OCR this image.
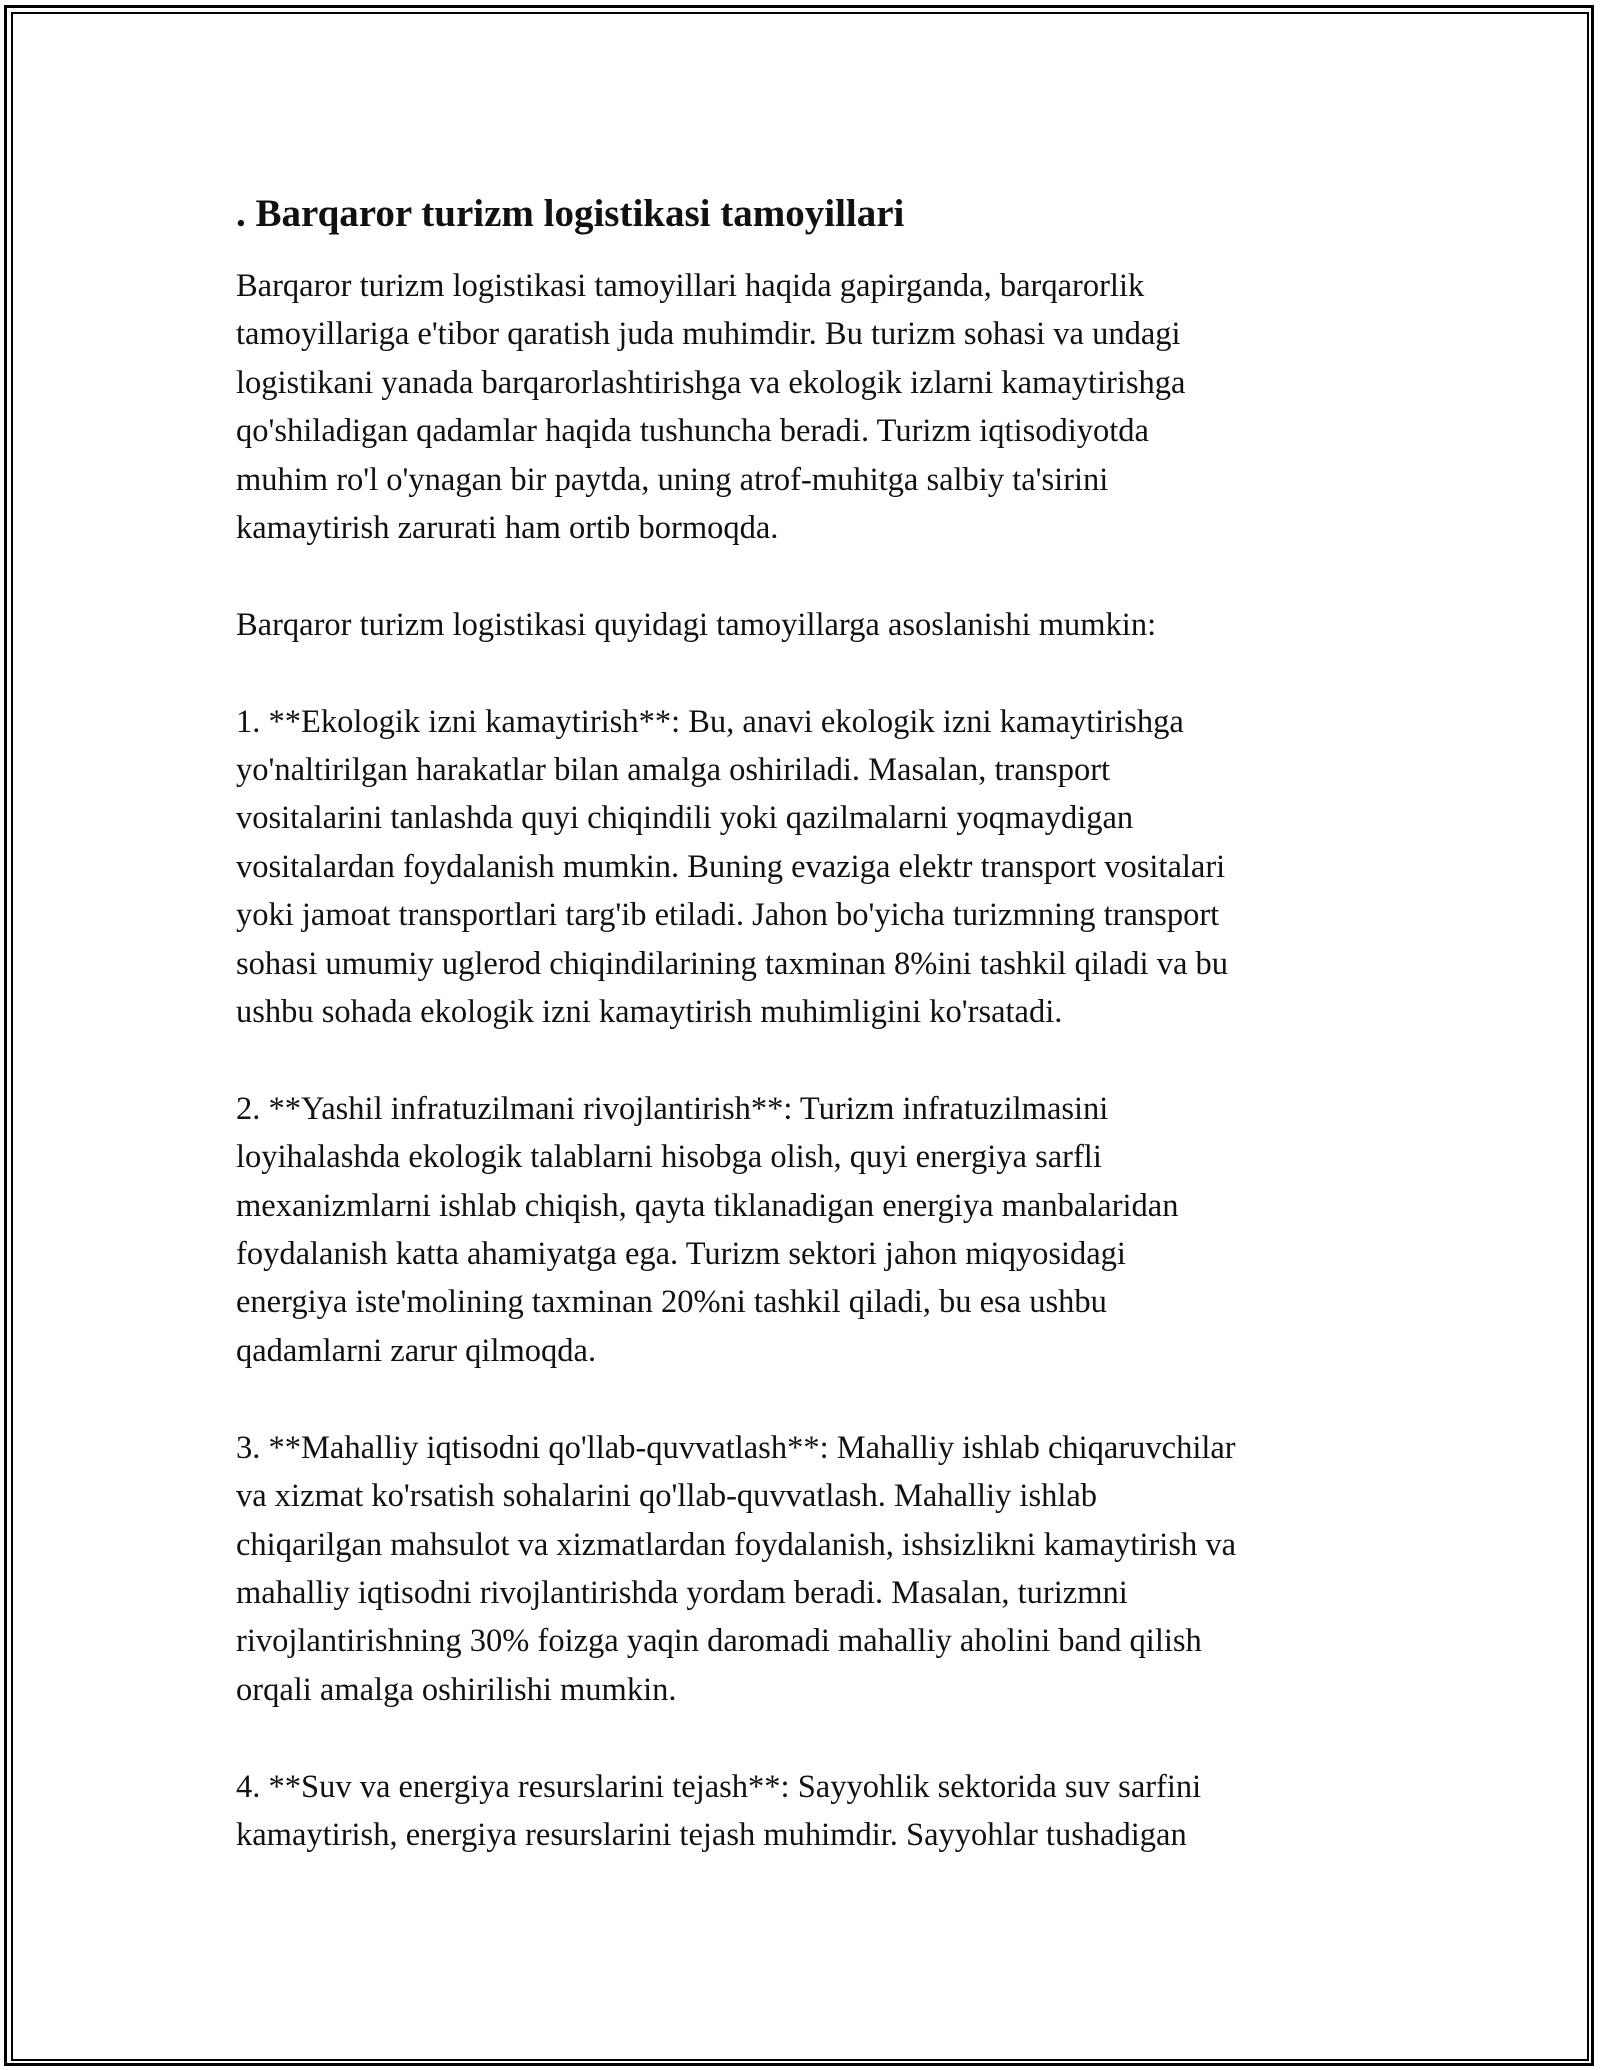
. Barqaror turizm logistikasi tamoyillari

Barqaror turizm logistikasi tamoyillari haqida gapirganda, barqarorlik
tamoyillariga e'tibor qaratish juda muhimdir. Bu turizm sohasi va undagi
logistikani yanada barqarorlashtirishga va ekologik izlarni kamaytirishga
qo'shiladigan qadamlar haqida tushuncha beradi. Turizm iqtisodiyotda
muhim ro'l o'ynagan bir paytda, uning atrof-muhitga salbiy ta'sirini
kamaytirish zarurati ham ortib bormoqda.

Barqaror turizm logistikasi quyidagi tamoyillarga asoslanishi mumkin:

1. **Ekologik izni kamaytirish**: Bu, anavi ekologik izni kamaytirishga
yo'naltirilgan harakatlar bilan amalga oshiriladi. Masalan, transport
vositalarini tanlashda quyi chiqindili yoki qazilmalarni yoqmaydigan
vositalardan foydalanish mumkin. Buning evaziga elektr transport vositalari
yoki jamoat transportlari targ'ib etiladi. Jahon bo'yicha turizmning transport
sohasi umumiy uglerod chiqindilarining taxminan 8%ini tashkil qiladi va bu
ushbu sohada ekologik izni kamaytirish muhimligini ko'rsatadi.

2. **Yashil infratuzilmani rivojlantirish**: Turizm infratuzilmasini
loyihalashda ekologik talablarni hisobga olish, quyi energiya sarfli
mexanizmlarni ishlab chiqish, qayta tiklanadigan energiya manbalaridan
foydalanish katta ahamiyatga ega. Turizm sektori jahon miqyosidagi
energiya iste'molining taxminan 20%ni tashkil qiladi, bu esa ushbu
qadamlarni zarur qilmoqda.

3. **Mahalliy iqtisodni qo'llab-quvvatlash**: Mahalliy ishlab chiqaruvchilar
va xizmat ko'rsatish sohalarini qo'llab-quvvatlash. Mahalliy ishlab
chiqarilgan mahsulot va xizmatlardan foydalanish, ishsizlikni kamaytirish va
mahalliy iqtisodni rivojlantirishda yordam beradi. Masalan, turizmni
rivojlantirishning 30% foizga yaqin daromadi mahalliy aholini band qilish
orqali amalga oshirilishi mumkin.

4. **Suv va energiya resurslarini tejash**: Sayyohlik sektorida suv sarfini
kamaytirish, energiya resurslarini tejash muhimdir. Sayyohlar tushadigan
